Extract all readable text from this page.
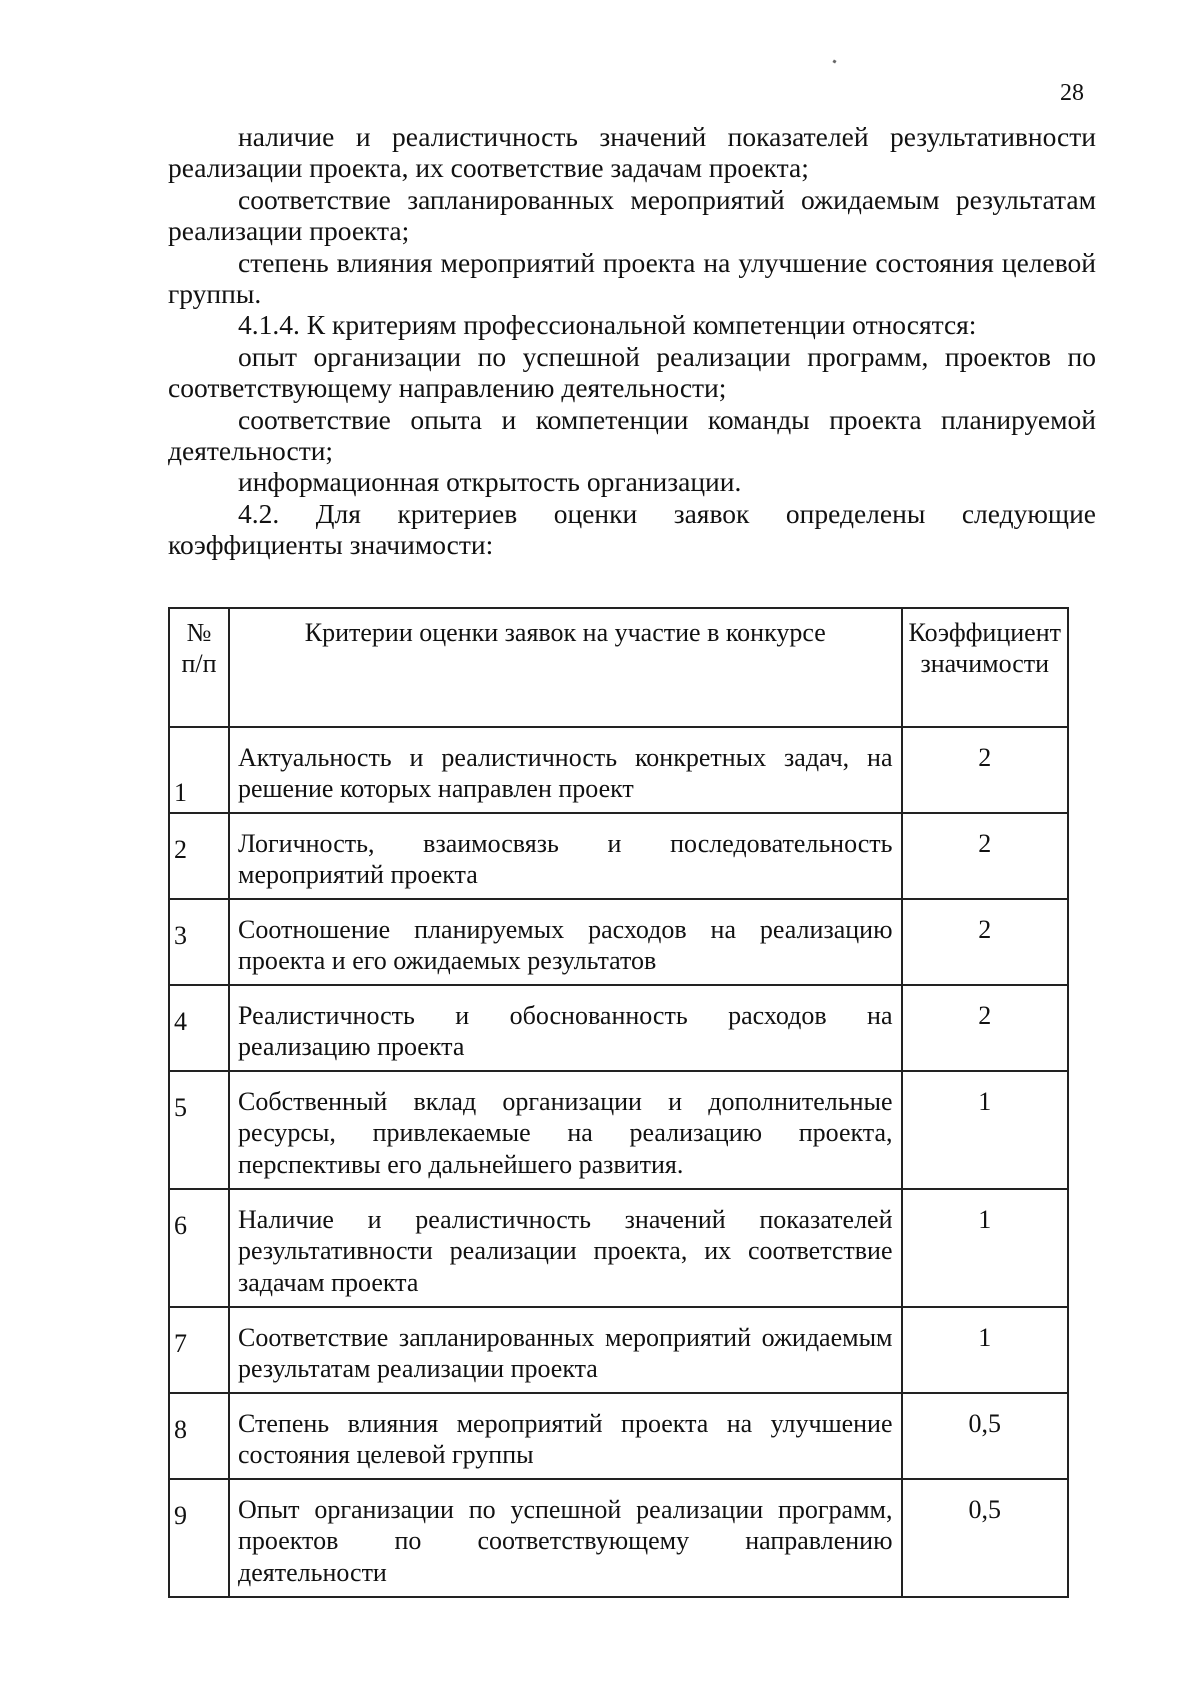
28

наличие и реалистичность значений показателей результативности реализации проекта, их соответствие задачам проекта;

соответствие запланированных мероприятий ожидаемым результатам реализации проекта;

степень влияния мероприятий проекта на улучшение состояния целевой группы.

4.1.4. К критериям профессиональной компетенции относятся:

опыт организации по успешной реализации программ, проектов по соответствующему направлению деятельности;

соответствие опыта и компетенции команды проекта планируемой деятельности;

информационная открытость организации.

4.2. Для критериев оценки заявок определены следующие коэффициенты значимости:

№ п/п	Критерии оценки заявок на участие в конкурсе	Коэффициент значимости
1	Актуальность и реалистичность конкретных задач, на решение которых направлен проект	2
2	Логичность, взаимосвязь и последовательность мероприятий проекта	2
3	Соотношение планируемых расходов на реализацию проекта и его ожидаемых результатов	2
4	Реалистичность и обоснованность расходов на реализацию проекта	2
5	Собственный вклад организации и дополнительные ресурсы, привлекаемые на реализацию проекта, перспективы его дальнейшего развития.	1
6	Наличие и реалистичность значений показателей результативности реализации проекта, их соответствие задачам проекта	1
7	Соответствие запланированных мероприятий ожидаемым результатам реализации проекта	1
8	Степень влияния мероприятий проекта на улучшение состояния целевой группы	0,5
9	Опыт организации по успешной реализации программ, проектов по соответствующему направлению деятельности	0,5
